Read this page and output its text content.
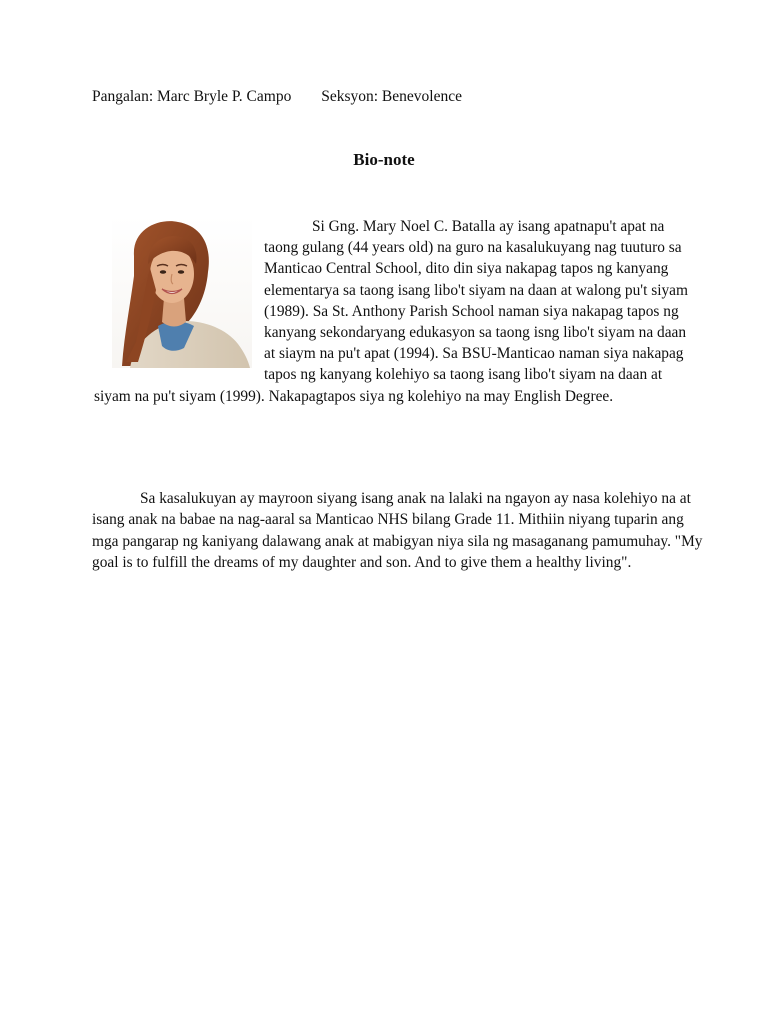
Pangalan: Marc Bryle P. Campo Seksyon: Benevolence
Bio-note
Si Gng. Mary Noel C. Batalla ay isang apatnapu't apat na taong gulang (44 years old) na guro na kasalukuyang nag tuuturo sa Manticao Central School, dito din siya nakapag tapos ng kanyang elementarya sa taong isang libo't siyam na daan at walong pu't siyam (1989). Sa St. Anthony Parish School naman siya nakapag tapos ng kanyang sekondaryang edukasyon sa taong isng libo't siyam na daan at siaym na pu't apat (1994). Sa BSU-Manticao naman siya nakapag tapos ng kanyang kolehiyo sa taong isang libo't siyam na daan at siyam na pu't siyam (1999). Nakapagtapos siya ng kolehiyo na may English Degree.
Sa kasalukuyan ay mayroon siyang isang anak na lalaki na ngayon ay nasa kolehiyo na at isang anak na babae na nag-aaral sa Manticao NHS bilang Grade 11. Mithiin niyang tuparin ang mga pangarap ng kaniyang dalawang anak at mabigyan niya sila ng masaganang pamumuhay. "My goal is to fulfill the dreams of my daughter and son. And to give them a healthy living".
